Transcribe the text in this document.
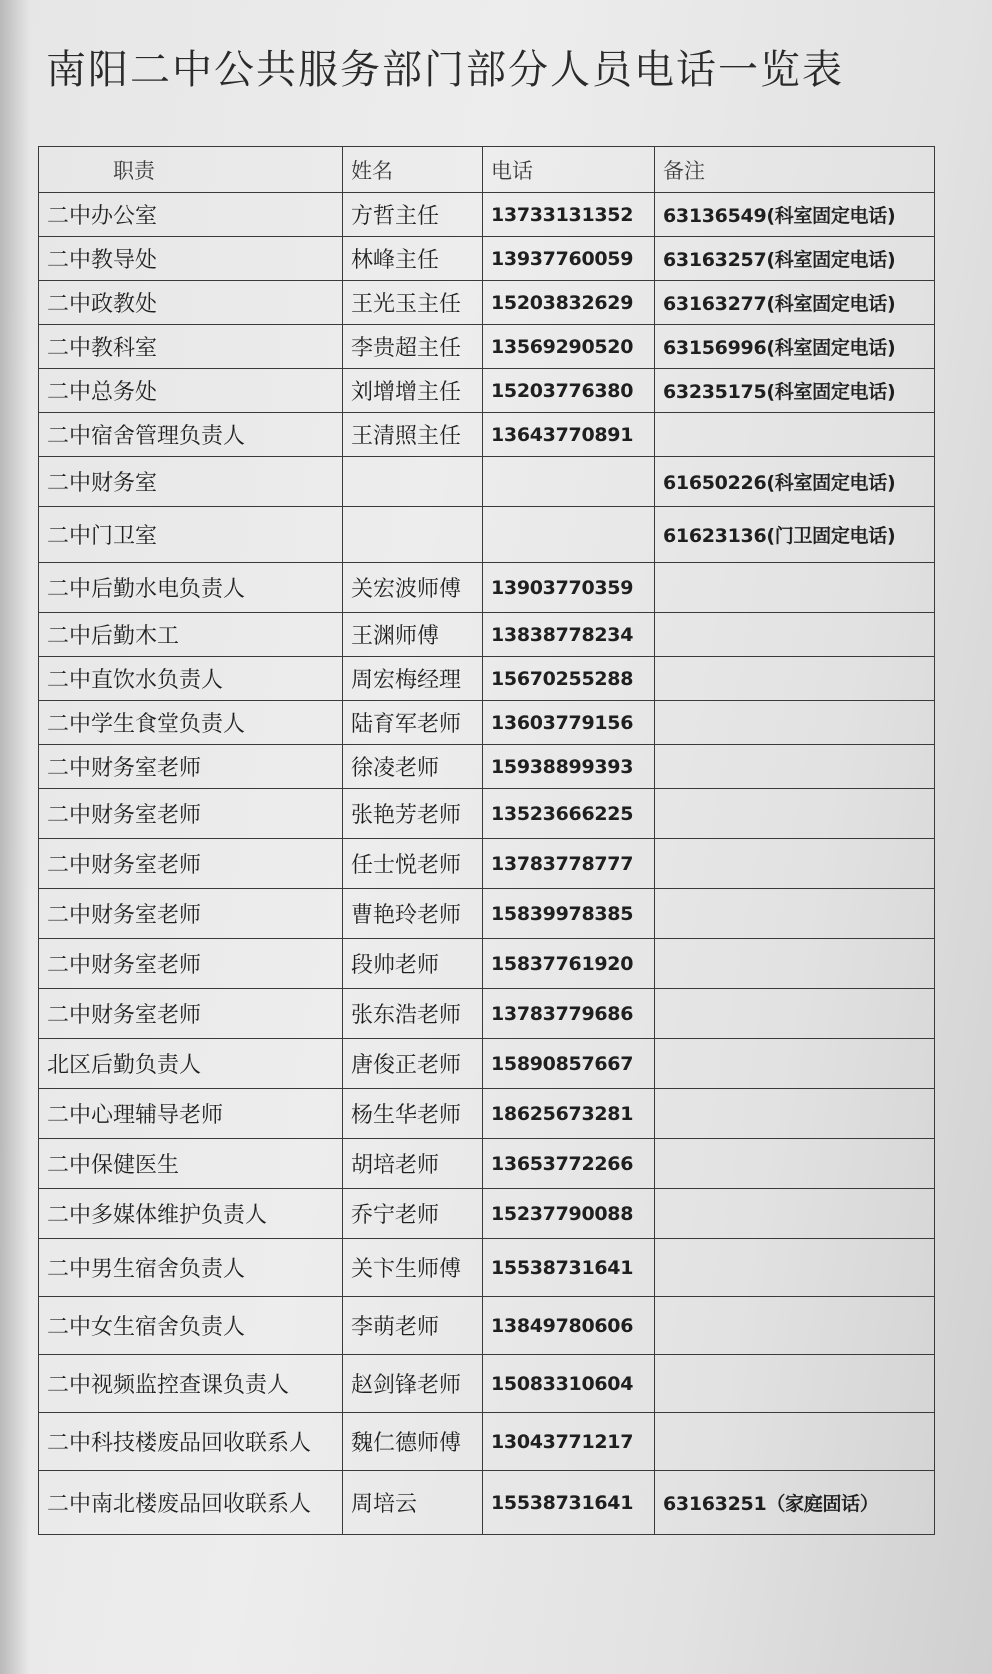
南阳二中公共服务部门部分人员电话一览表
职责	姓名	电话	备注
二中办公室	方哲主任	13733131352	63136549(科室固定电话)
二中教导处	林峰主任	13937760059	63163257(科室固定电话)
二中政教处	王光玉主任	15203832629	63163277(科室固定电话)
二中教科室	李贵超主任	13569290520	63156996(科室固定电话)
二中总务处	刘增增主任	15203776380	63235175(科室固定电话)
二中宿舍管理负责人	王清照主任	13643770891	
二中财务室			61650226(科室固定电话)
二中门卫室			61623136(门卫固定电话)
二中后勤水电负责人	关宏波师傅	13903770359	
二中后勤木工	王渊师傅	13838778234	
二中直饮水负责人	周宏梅经理	15670255288	
二中学生食堂负责人	陆育军老师	13603779156	
二中财务室老师	徐凌老师	15938899393	
二中财务室老师	张艳芳老师	13523666225	
二中财务室老师	任士悦老师	13783778777	
二中财务室老师	曹艳玲老师	15839978385	
二中财务室老师	段帅老师	15837761920	
二中财务室老师	张东浩老师	13783779686	
北区后勤负责人	唐俊正老师	15890857667	
二中心理辅导老师	杨生华老师	18625673281	
二中保健医生	胡培老师	13653772266	
二中多媒体维护负责人	乔宁老师	15237790088	
二中男生宿舍负责人	关卞生师傅	15538731641	
二中女生宿舍负责人	李萌老师	13849780606	
二中视频监控查课负责人	赵剑锋老师	15083310604	
二中科技楼废品回收联系人	魏仁德师傅	13043771217	
二中南北楼废品回收联系人	周培云	15538731641	63163251（家庭固话）
